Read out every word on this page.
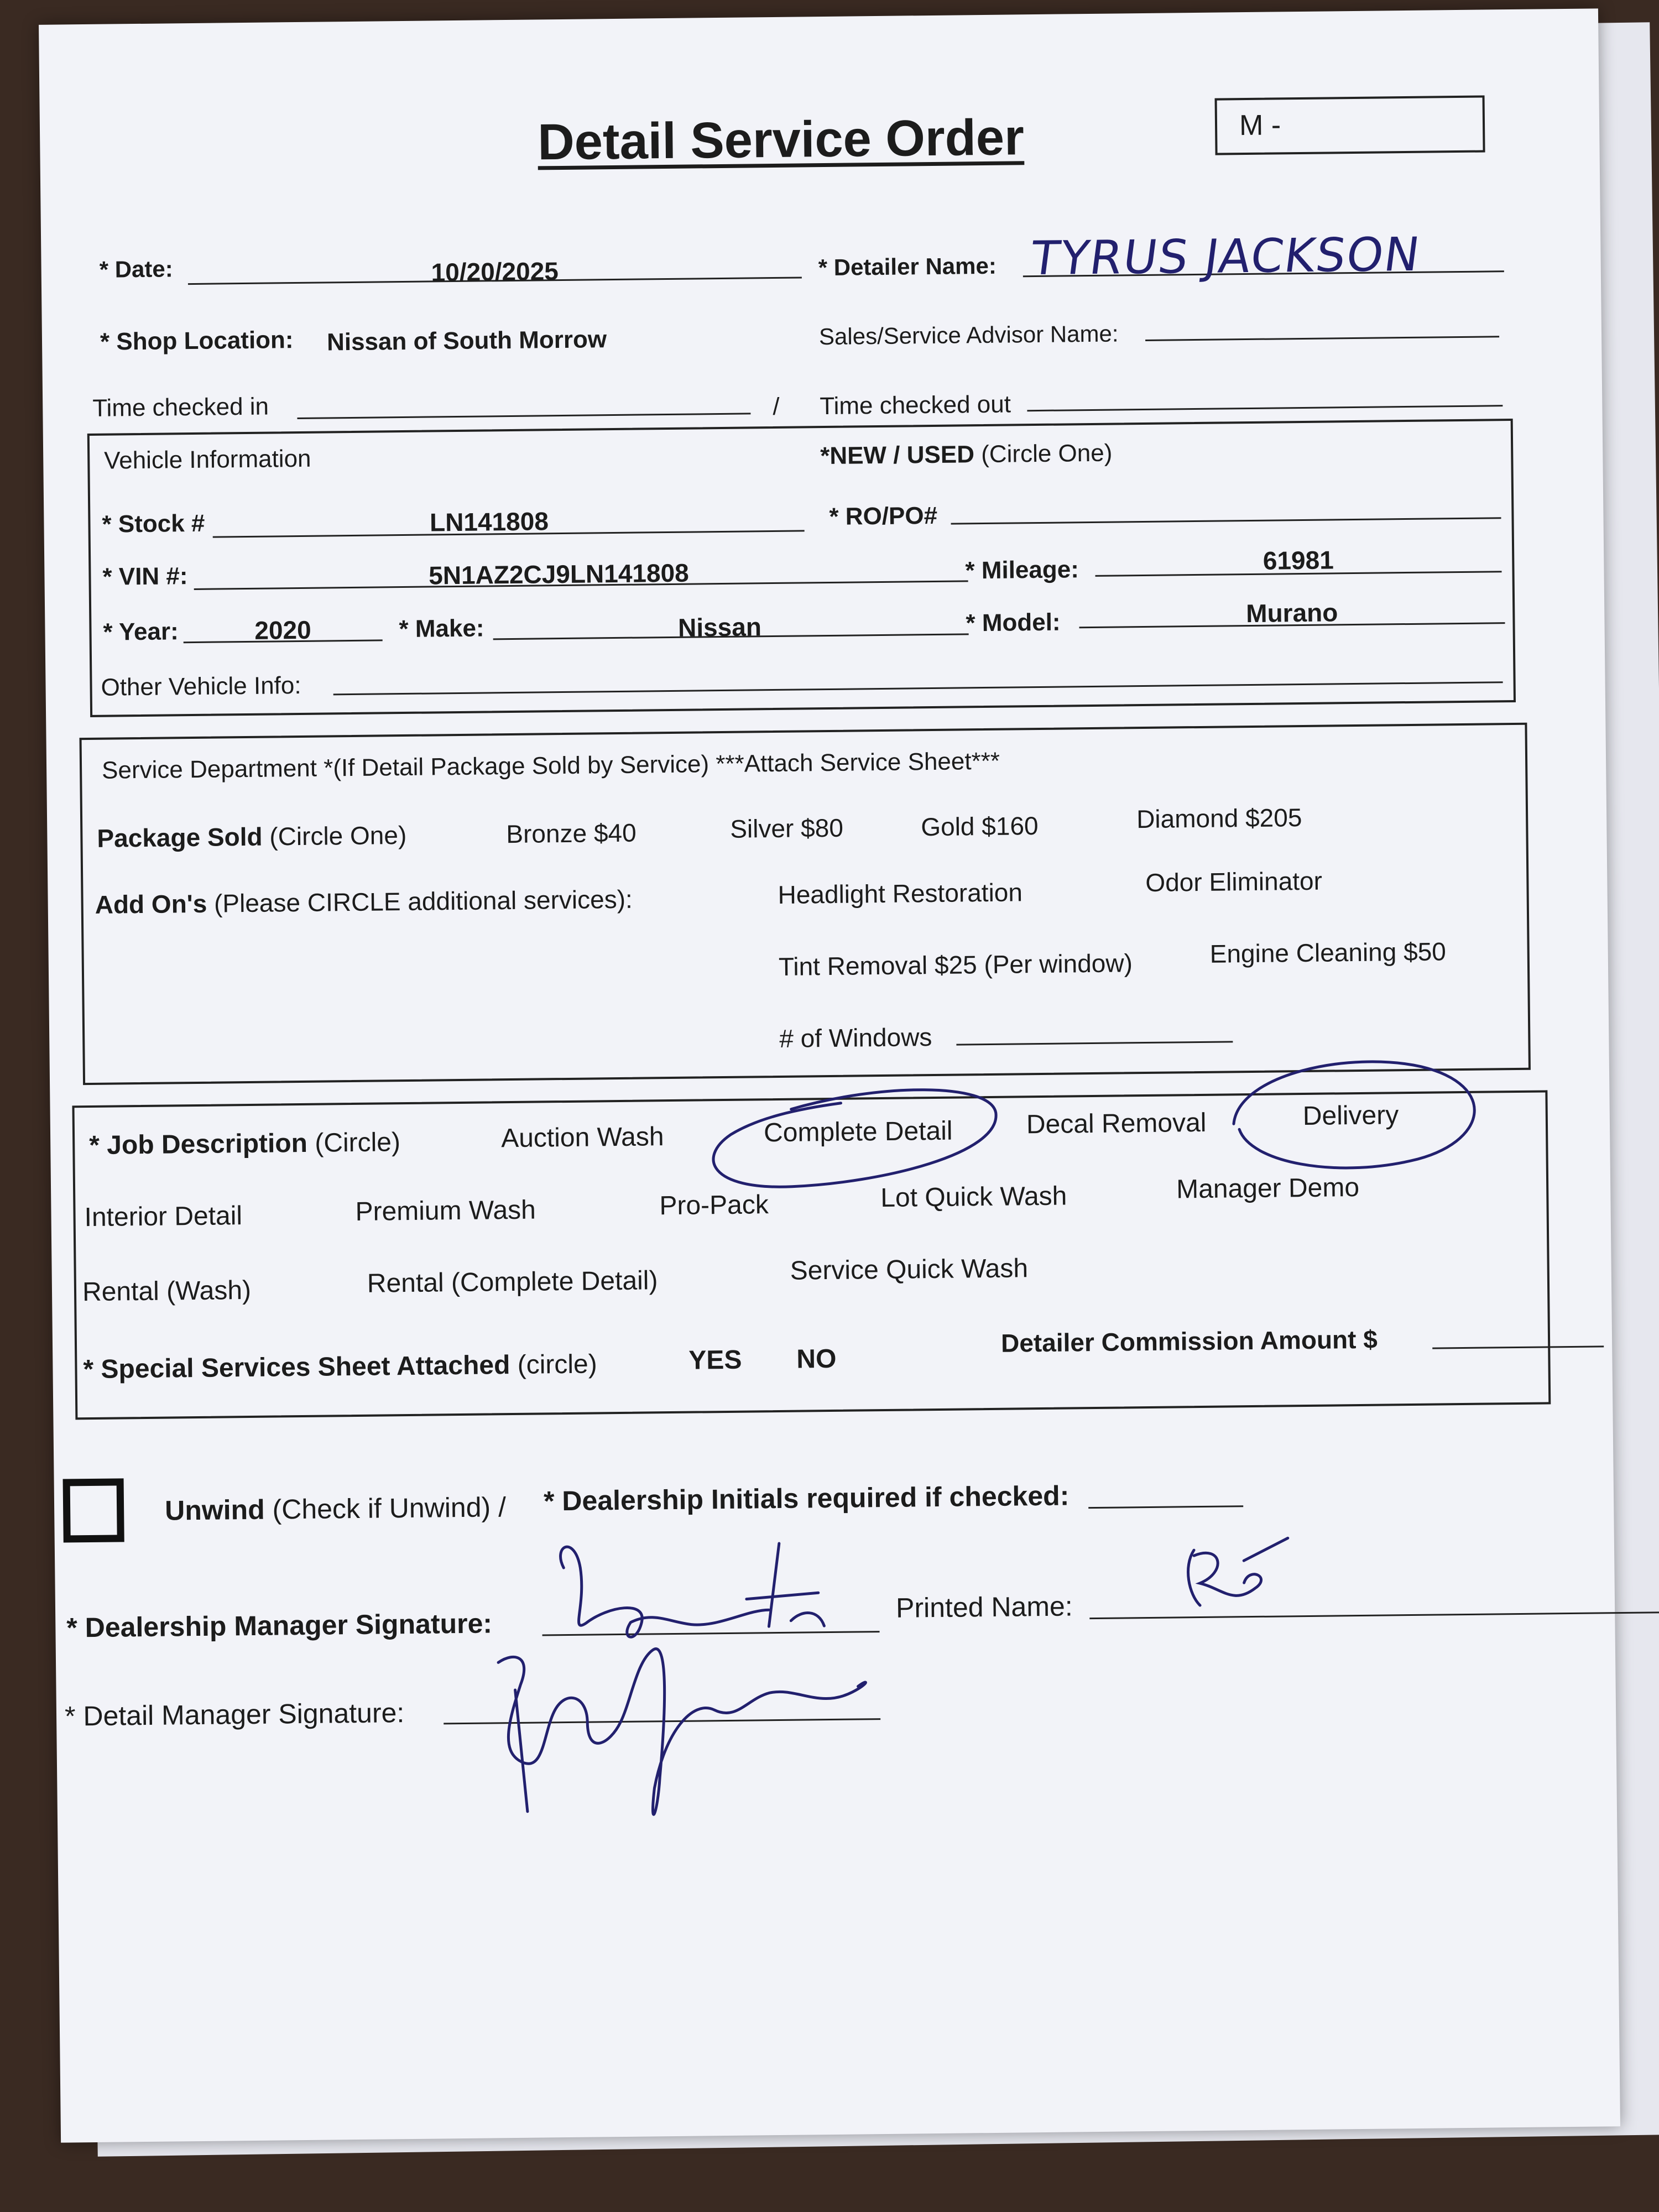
Detail Service Order	M -
* Date:	10/20/2025	* Detailer Name: TYRUS JACKSON
* Shop Location: Nissan of South Morrow	Sales/Service Advisor Name:
Time checked in	/ Time checked out
Vehicle Information	*NEW / USED (Circle One)
* Stock #	LN141808	* RO/PO#
* VIN #:	5N1AZ2CJ9LN141808	* Mileage:	61981
* Year:	2020	* Make:	Nissan	* Model:	Murano
Other Vehicle Info:
Service Department *(If Detail Package Sold by Service) ***Attach Service Sheet***
Package Sold (Circle One)	Bronze $40	Silver $80	Gold $160	Diamond $205
Add On's (Please CIRCLE additional services):	Headlight Restoration	Odor Eliminator
Tint Removal $25 (Per window)	Engine Cleaning $50
# of Windows
* Job Description (Circle)	Auction Wash	Complete Detail	Decal Removal	Delivery
Interior Detail	Premium Wash	Pro-Pack	Lot Quick Wash	Manager Demo
Rental (Wash)	Rental (Complete Detail)	Service Quick Wash
* Special Services Sheet Attached (circle)	YES NO
Detailer Commission Amount $
Unwind (Check if Unwind) / * Dealership Initials required if checked:
* Dealership Manager Signature:
Printed Name:
* Detail Manager Signature:
